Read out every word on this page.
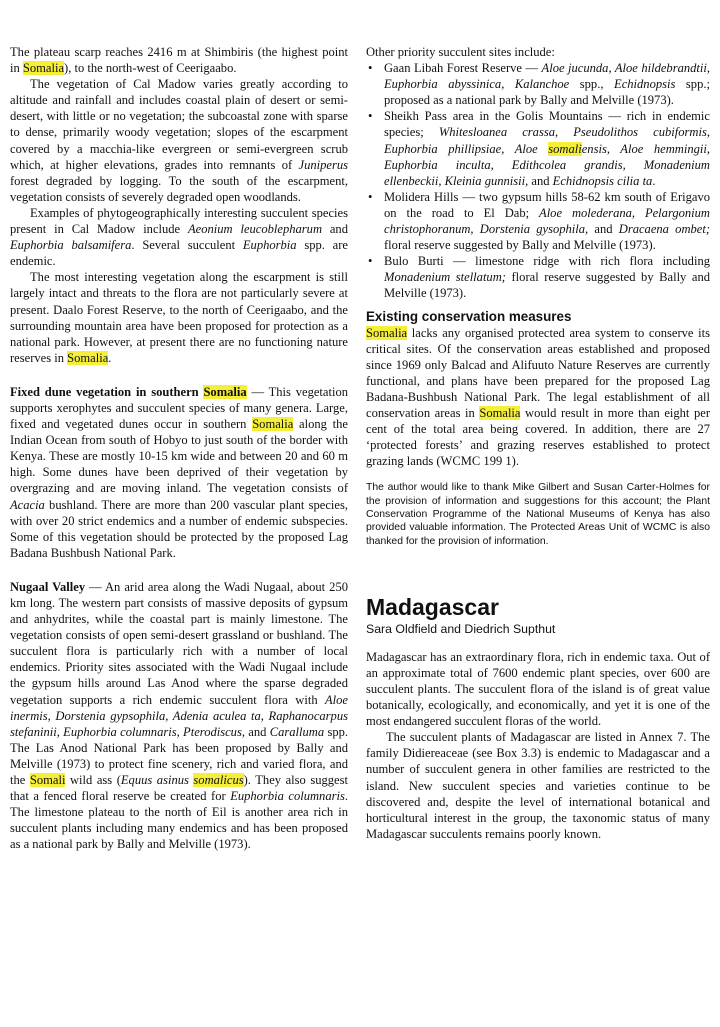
The plateau scarp reaches 2416 m at Shimbiris (the highest point in Somalia), to the north-west of Ceerigaabo.

The vegetation of Cal Madow varies greatly according to altitude and rainfall and includes coastal plain of desert or semi-desert, with little or no vegetation; the subcoastal zone with sparse to dense, primarily woody vegetation; slopes of the escarpment covered by a macchia-like evergreen or semi-evergreen scrub which, at higher elevations, grades into remnants of Juniperus forest degraded by logging. To the south of the escarpment, vegetation consists of severely degraded open woodlands.

Examples of phytogeographically interesting succulent species present in Cal Madow include Aeonium leucoblepharum and Euphorbia balsamifera. Several succulent Euphorbia spp. are endemic.

The most interesting vegetation along the escarpment is still largely intact and threats to the flora are not particularly severe at present. Daalo Forest Reserve, to the north of Ceerigaabo, and the surrounding mountain area have been proposed for protection as a national park. However, at present there are no functioning nature reserves in Somalia.

Fixed dune vegetation in southern Somalia — This vegetation supports xerophytes and succulent species of many genera. Large, fixed and vegetated dunes occur in southern Somalia along the Indian Ocean from south of Hobyo to just south of the border with Kenya. These are mostly 10-15 km wide and between 20 and 60 m high. Some dunes have been deprived of their vegetation by overgrazing and are moving inland. The vegetation consists of Acacia bushland. There are more than 200 vascular plant species, with over 20 strict endemics and a number of endemic subspecies. Some of this vegetation should be protected by the proposed Lag Badana Bushbush National Park.

Nugaal Valley — An arid area along the Wadi Nugaal, about 250 km long. The western part consists of massive deposits of gypsum and anhydrites, while the coastal part is mainly limestone. The vegetation consists of open semi-desert grassland or bushland. The succulent flora is particularly rich with a number of local endemics. Priority sites associated with the Wadi Nugaal include the gypsum hills around Las Anod where the sparse degraded vegetation supports a rich endemic succulent flora with Aloe inermis, Dorstenia gypsophila, Adenia aculea ta, Raphanocarpus stefaninii, Euphorbia columnaris, Pterodiscus, and Caralluma spp. The Las Anod National Park has been proposed by Bally and Melville (1973) to protect fine scenery, rich and varied flora, and the Somali wild ass (Equus asinus somalicus). They also suggest that a fenced floral reserve be created for Euphorbia columnaris. The limestone plateau to the north of Eil is another area rich in succulent plants including many endemics and has been proposed as a national park by Bally and Melville (1973).

Other priority succulent sites include:

• Gaan Libah Forest Reserve — Aloe jucunda, Aloe hildebrandtii, Euphorbia abyssinica, Kalanchoe spp., Echidnopsis spp.; proposed as a national park by Bally and Melville (1973).
• Sheikh Pass area in the Golis Mountains — rich in endemic species; Whitesloanea crassa, Pseudolithos cubiformis, Euphorbia phillipsiae, Aloe somaliensis, Aloe hemmingii, Euphorbia inculta, Edithcolea grandis, Monadenium ellenbeckii, Kleinia gunnisii, and Echidnopsis cilia ta.
• Molidera Hills — two gypsum hills 58-62 km south of Erigavo on the road to El Dab; Aloe molederana, Pelargonium christophoranum, Dorstenia gysophila, and Dracaena ombet; floral reserve suggested by Bally and Melville (1973).
• Bulo Burti — limestone ridge with rich flora including Monadenium stellatum; floral reserve suggested by Bally and Melville (1973).
Existing conservation measures

Somalia lacks any organised protected area system to conserve its critical sites. Of the conservation areas established and proposed since 1969 only Balcad and Alifuuto Nature Reserves are currently functional, and plans have been prepared for the proposed Lag Badana-Bushbush National Park. The legal establishment of all conservation areas in Somalia would result in more than eight per cent of the total area being covered. In addition, there are 27 ‘protected forests’ and grazing reserves established to protect grazing lands (WCMC 199 1).

The author would like to thank Mike Gilbert and Susan Carter-Holmes for the provision of information and suggestions for this account; the Plant Conservation Programme of the National Museums of Kenya has also provided valuable information. The Protected Areas Unit of WCMC is also thanked for the provision of information.

Madagascar
Sara Oldfield and Diedrich Supthut

Madagascar has an extraordinary flora, rich in endemic taxa. Out of an approximate total of 7600 endemic plant species, over 600 are succulent plants. The succulent flora of the island is of great value botanically, ecologically, and economically, and yet it is one of the most endangered succulent floras of the world.

The succulent plants of Madagascar are listed in Annex 7. The family Didiereaceae (see Box 3.3) is endemic to Madagascar and a number of succulent genera in other families are restricted to the island. New succulent species and varieties continue to be discovered and, despite the level of international botanical and horticultural interest in the group, the taxonomic status of many Madagascar succulents remains poorly known.
